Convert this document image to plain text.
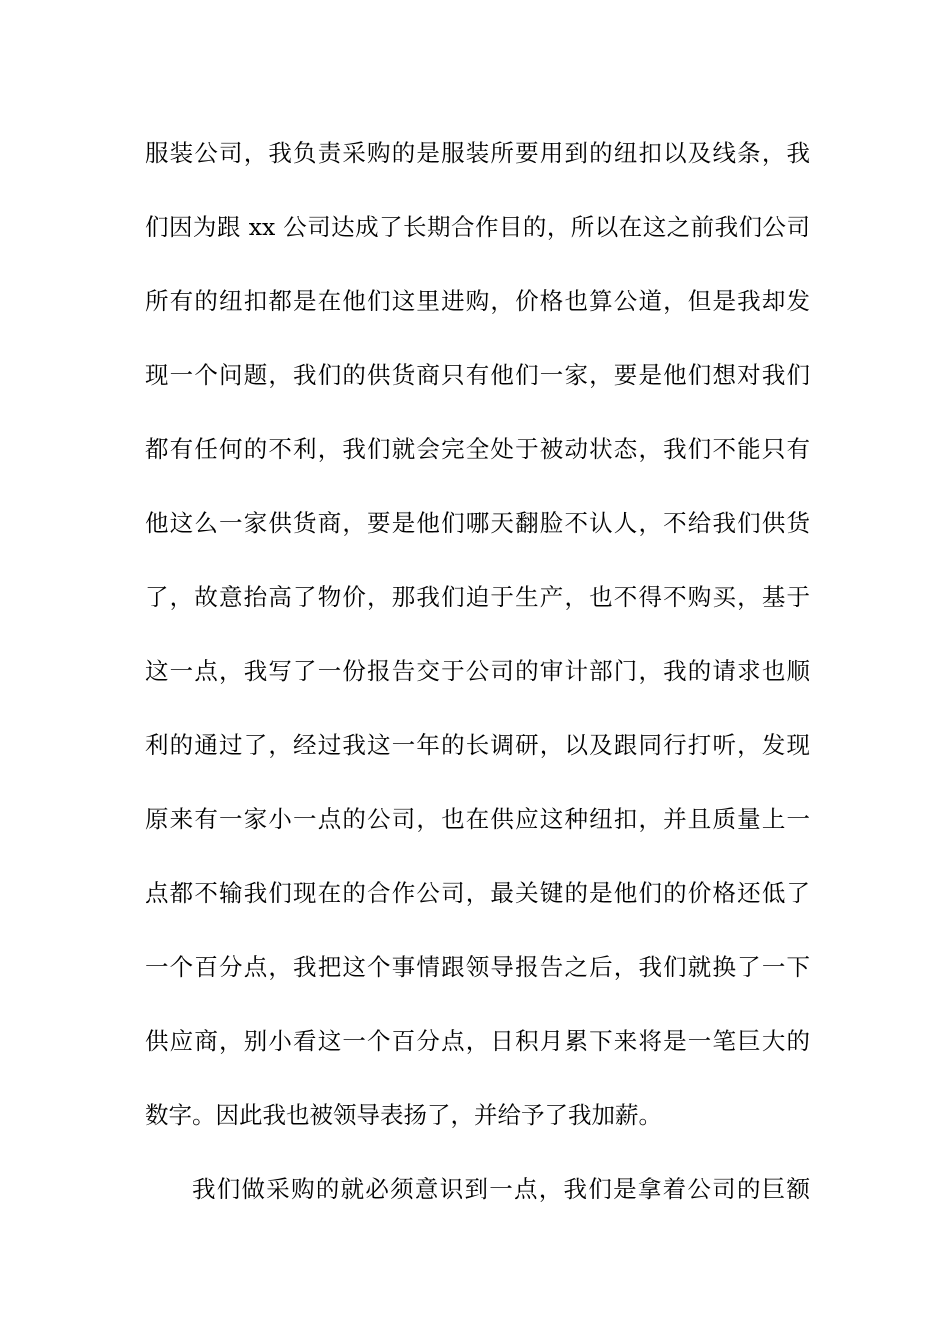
服装公司，我负责采购的是服装所要用到的纽扣以及线条，我
们因为跟 xx 公司达成了长期合作目的，所以在这之前我们公司
所有的纽扣都是在他们这里进购，价格也算公道，但是我却发
现一个问题，我们的供货商只有他们一家，要是他们想对我们
都有任何的不利，我们就会完全处于被动状态，我们不能只有
他这么一家供货商，要是他们哪天翻脸不认人，不给我们供货
了，故意抬高了物价，那我们迫于生产，也不得不购买，基于
这一点，我写了一份报告交于公司的审计部门，我的请求也顺
利的通过了，经过我这一年的长调研，以及跟同行打听，发现
原来有一家小一点的公司，也在供应这种纽扣，并且质量上一
点都不输我们现在的合作公司，最关键的是他们的价格还低了
一个百分点，我把这个事情跟领导报告之后，我们就换了一下
供应商，别小看这一个百分点，日积月累下来将是一笔巨大的
数字。因此我也被领导表扬了，并给予了我加薪。
我们做采购的就必须意识到一点，我们是拿着公司的巨额
